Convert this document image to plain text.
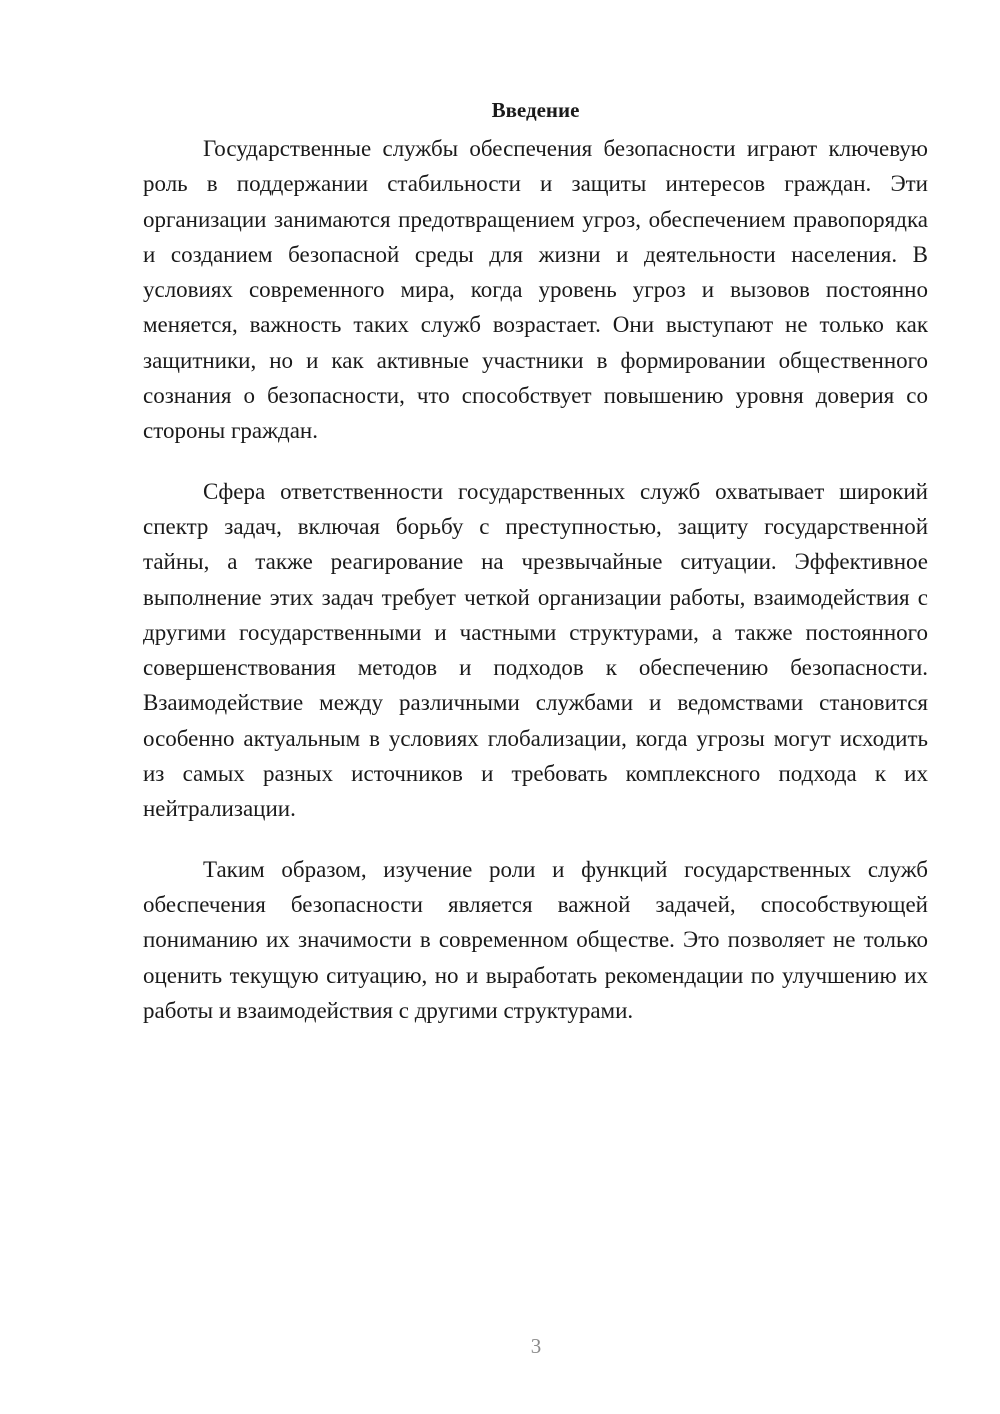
Введение

Государственные службы обеспечения безопасности играют ключевую роль в поддержании стабильности и защиты интересов граждан. Эти организации занимаются предотвращением угроз, обеспечением правопорядка и созданием безопасной среды для жизни и деятельности населения. В условиях современного мира, когда уровень угроз и вызовов постоянно меняется, важность таких служб возрастает. Они выступают не только как защитники, но и как активные участники в формировании общественного сознания о безопасности, что способствует повышению уровня доверия со стороны граждан.

Сфера ответственности государственных служб охватывает широкий спектр задач, включая борьбу с преступностью, защиту государственной тайны, а также реагирование на чрезвычайные ситуации. Эффективное выполнение этих задач требует четкой организации работы, взаимодействия с другими государственными и частными структурами, а также постоянного совершенствования методов и подходов к обеспечению безопасности. Взаимодействие между различными службами и ведомствами становится особенно актуальным в условиях глобализации, когда угрозы могут исходить из самых разных источников и требовать комплексного подхода к их нейтрализации.

Таким образом, изучение роли и функций государственных служб обеспечения безопасности является важной задачей, способствующей пониманию их значимости в современном обществе. Это позволяет не только оценить текущую ситуацию, но и выработать рекомендации по улучшению их работы и взаимодействия с другими структурами.

3
